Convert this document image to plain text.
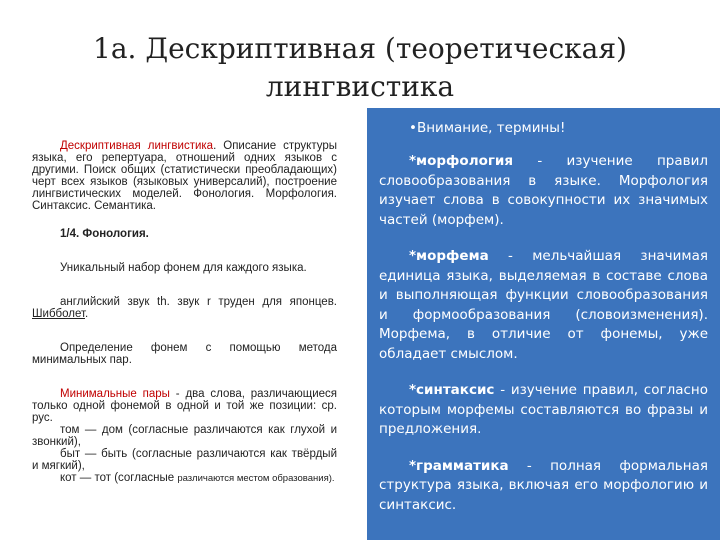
1a. Дескриптивная (теоретическая)
лингвистика

Дескриптивная лингвистика. Описание структуры языка, его репертуара, отношений одних языков с другими. Поиск общих (статистически преобладающих) черт всех языков (языковых универсалий), построение лингвистических моделей. Фонология. Морфология. Синтаксис. Семантика.

1/4. Фонология.

Уникальный набор фонем для каждого языка.

английский звук th. звук r труден для японцев. Шибболет.

Определение фонем с помощью метода минимальных пар.

Минимальные пары - два слова, различающиеся только одной фонемой в одной и той же позиции: ср. рус.

том — дом (согласные различаются как глухой и звонкий),

быт — быть (согласные различаются как твёрдый и мягкий),

кот — тот (согласные различаются местом образования).

•Внимание, термины!

*морфология - изучение правил словообразования в языке. Морфология изучает слова в совокупности их значимых частей (морфем).

*морфема - мельчайшая значимая единица языка, выделяемая в составе слова и выполняющая функции словообразования и формообразования (словоизменения). Морфема, в отличие от фонемы, уже обладает смыслом.

*синтаксис - изучение правил, согласно которым морфемы составляются во фразы и предложения.

*грамматика - полная формальная структура языка, включая его морфологию и синтаксис.
